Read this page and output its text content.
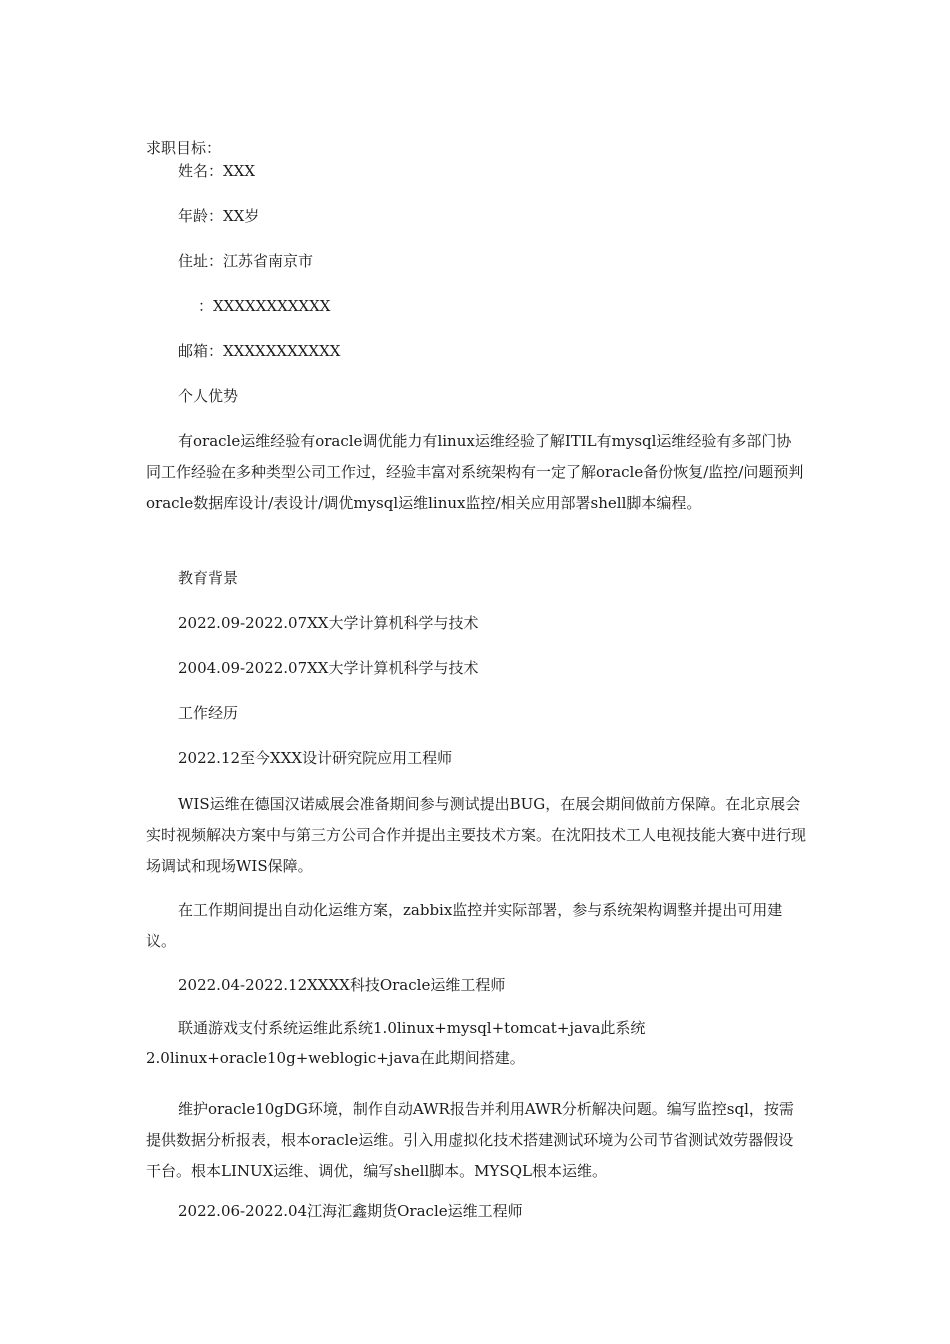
求职目标：
姓名：XXX
年龄：XX岁
住址：江苏省南京市
：XXXXXXXXXXX
邮箱：XXXXXXXXXXX
个人优势
有oracle运维经验有oracle调优能力有linux运维经验了解ITIL有mysql运维经验有多部门协同工作经验在多种类型公司工作过，经验丰富对系统架构有一定了解oracle备份恢复/监控/问题预判oracle数据库设计/表设计/调优mysql运维linux监控/相关应用部署shell脚本编程。
教育背景
2022.09-2022.07XX大学计算机科学与技术
2004.09-2022.07XX大学计算机科学与技术
工作经历
2022.12至今XXX设计研究院应用工程师
WIS运维在德国汉诺威展会准备期间参与测试提出BUG，在展会期间做前方保障。在北京展会实时视频解决方案中与第三方公司合作并提出主要技术方案。在沈阳技术工人电视技能大赛中进行现场调试和现场WIS保障。
在工作期间提出自动化运维方案，zabbix监控并实际部署，参与系统架构调整并提出可用建议。
2022.04-2022.12XXXX科技Oracle运维工程师
联通游戏支付系统运维此系统1.0linux+mysql+tomcat+java此系统
2.0linux+oracle10g+weblogic+java在此期间搭建。
维护oracle10gDG环境，制作自动AWR报告并利用AWR分析解决问题。编写监控sql，按需提供数据分析报表，根本oracle运维。引入用虚拟化技术搭建测试环境为公司节省测试效劳器假设干台。根本LINUX运维、调优，编写shell脚本。MYSQL根本运维。
2022.06-2022.04江海汇鑫期货Oracle运维工程师
